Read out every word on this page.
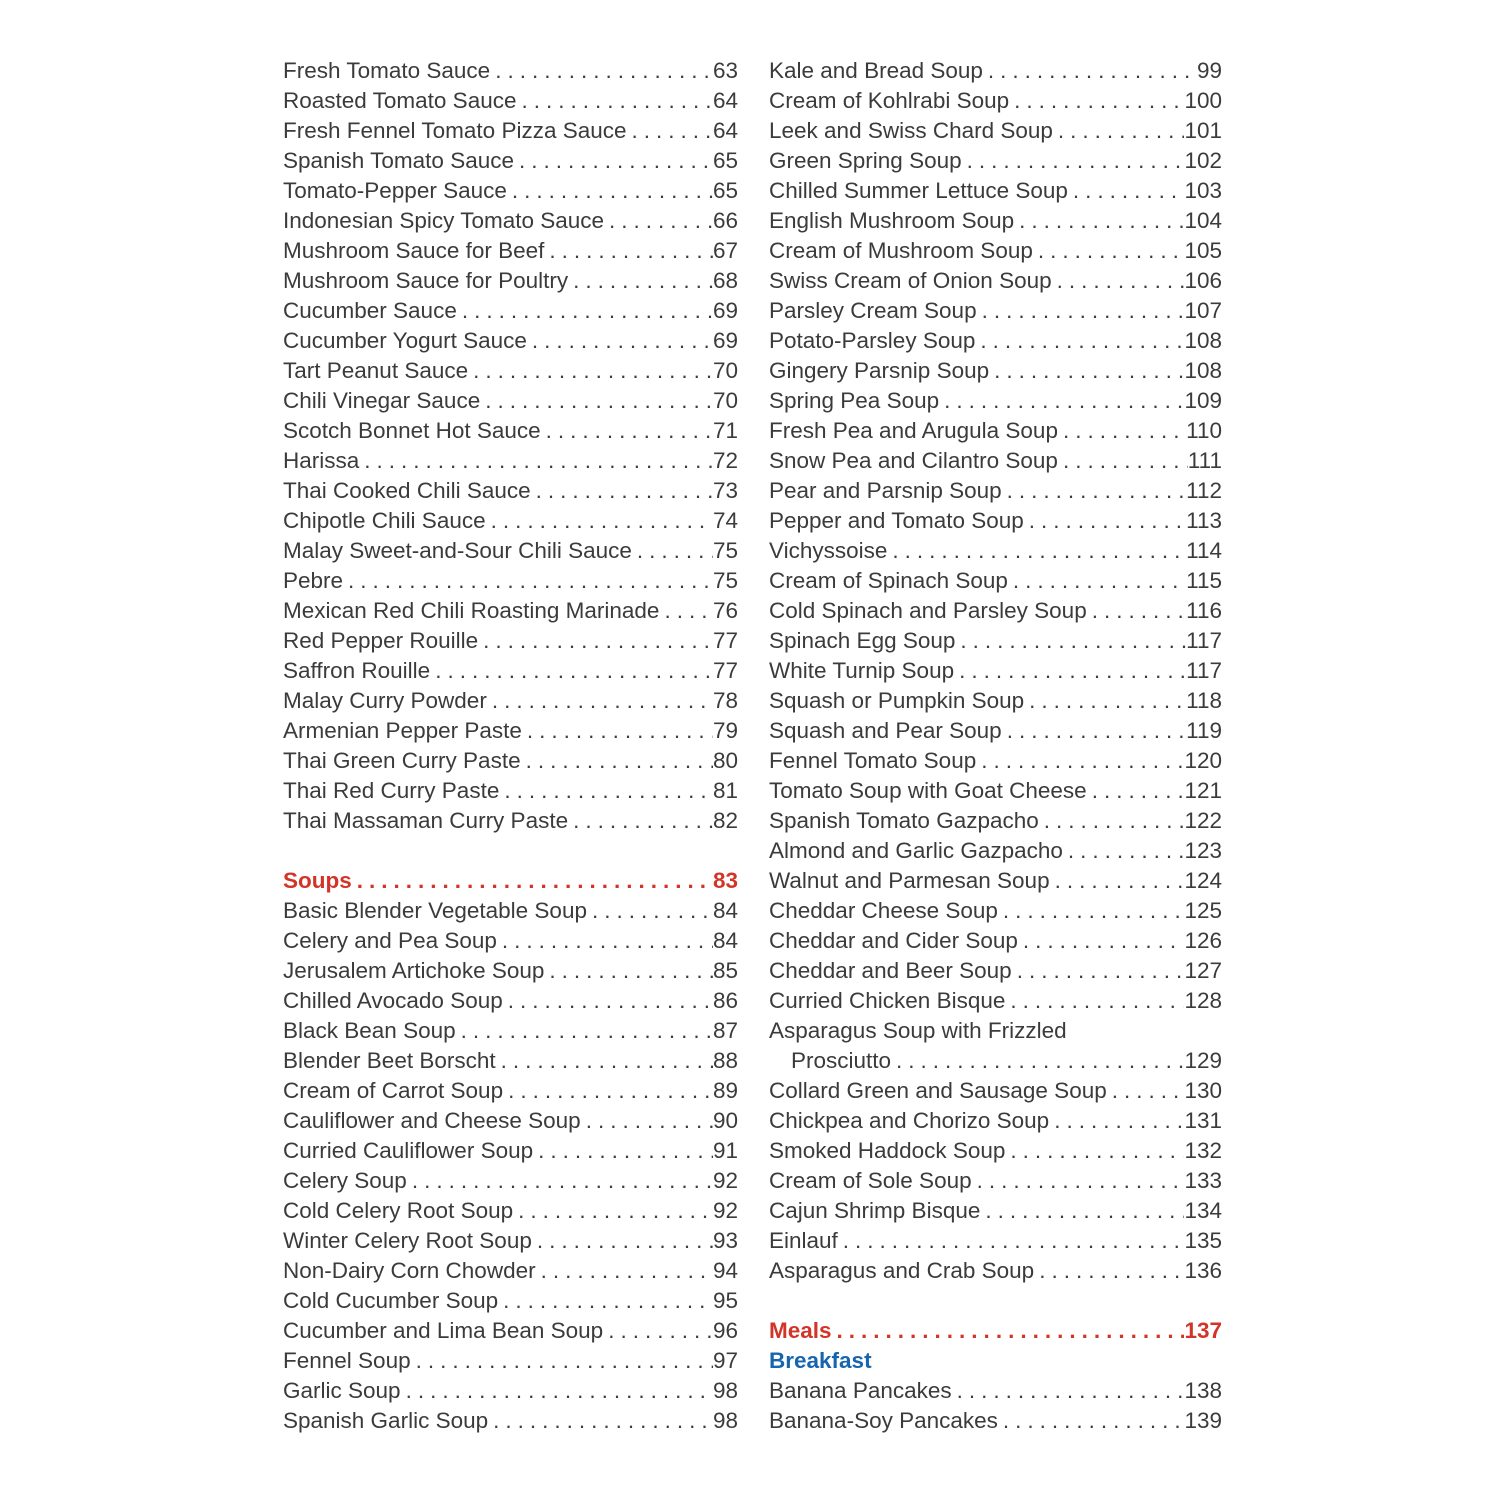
Fresh Tomato Sauce .....	63
Roasted Tomato Sauce .....	64
Fresh Fennel Tomato Pizza Sauce .....	64
Spanish Tomato Sauce .....	65
Tomato-Pepper Sauce .....	65
Indonesian Spicy Tomato Sauce .....	66
Mushroom Sauce for Beef .....	67
Mushroom Sauce for Poultry .....	68
Cucumber Sauce .....	69
Cucumber Yogurt Sauce .....	69
Tart Peanut Sauce .....	70
Chili Vinegar Sauce .....	70
Scotch Bonnet Hot Sauce .....	71
Harissa .....	72
Thai Cooked Chili Sauce .....	73
Chipotle Chili Sauce .....	74
Malay Sweet-and-Sour Chili Sauce .....	75
Pebre .....	75
Mexican Red Chili Roasting Marinade ..... 76
Red Pepper Rouille .....	77
Saffron Rouille .....	77
Malay Curry Powder .....	78
Armenian Pepper Paste .....	79
Thai Green Curry Paste .....	80
Thai Red Curry Paste .....	81
Thai Massaman Curry Paste .....	82
Soups .....	83
Basic Blender Vegetable Soup .....	84
Celery and Pea Soup .....	84
Jerusalem Artichoke Soup .....	85
Chilled Avocado Soup .....	86
Black Bean Soup .....	87
Blender Beet Borscht .....	88
Cream of Carrot Soup .....	89
Cauliflower and Cheese Soup .....	90
Curried Cauliflower Soup .....	91
Celery Soup .....	92
Cold Celery Root Soup .....	92
Winter Celery Root Soup .....	93
Non-Dairy Corn Chowder .....	94
Cold Cucumber Soup .....	95
Cucumber and Lima Bean Soup .....	96
Fennel Soup .....	97
Garlic Soup .....	98
Spanish Garlic Soup .....	98
Kale and Bread Soup .....	99
Cream of Kohlrabi Soup .....	100
Leek and Swiss Chard Soup .....	101
Green Spring Soup .....	102
Chilled Summer Lettuce Soup .....	103
English Mushroom Soup .....	104
Cream of Mushroom Soup .....	105
Swiss Cream of Onion Soup .....	106
Parsley Cream Soup .....	107
Potato-Parsley Soup .....	108
Gingery Parsnip Soup .....	108
Spring Pea Soup .....	109
Fresh Pea and Arugula Soup .....	110
Snow Pea and Cilantro Soup .....	111
Pear and Parsnip Soup .....	112
Pepper and Tomato Soup .....	113
Vichyssoise .....	114
Cream of Spinach Soup .....	115
Cold Spinach and Parsley Soup .....	116
Spinach Egg Soup .....	117
White Turnip Soup .....	117
Squash or Pumpkin Soup .....	118
Squash and Pear Soup .....	119
Fennel Tomato Soup .....	120
Tomato Soup with Goat Cheese .....	121
Spanish Tomato Gazpacho .....	122
Almond and Garlic Gazpacho .....	123
Walnut and Parmesan Soup .....	124
Cheddar Cheese Soup .....	125
Cheddar and Cider Soup .....	126
Cheddar and Beer Soup .....	127
Curried Chicken Bisque .....	128
Asparagus Soup with Frizzled
Prosciutto .....	129
Collard Green and Sausage Soup .....	130
Chickpea and Chorizo Soup .....	131
Smoked Haddock Soup .....	132
Cream of Sole Soup .....	133
Cajun Shrimp Bisque .....	134
Einlauf .....	135
Asparagus and Crab Soup .....	136
Meals .....	137
Breakfast
Banana Pancakes .....	138
Banana-Soy Pancakes .....	139
